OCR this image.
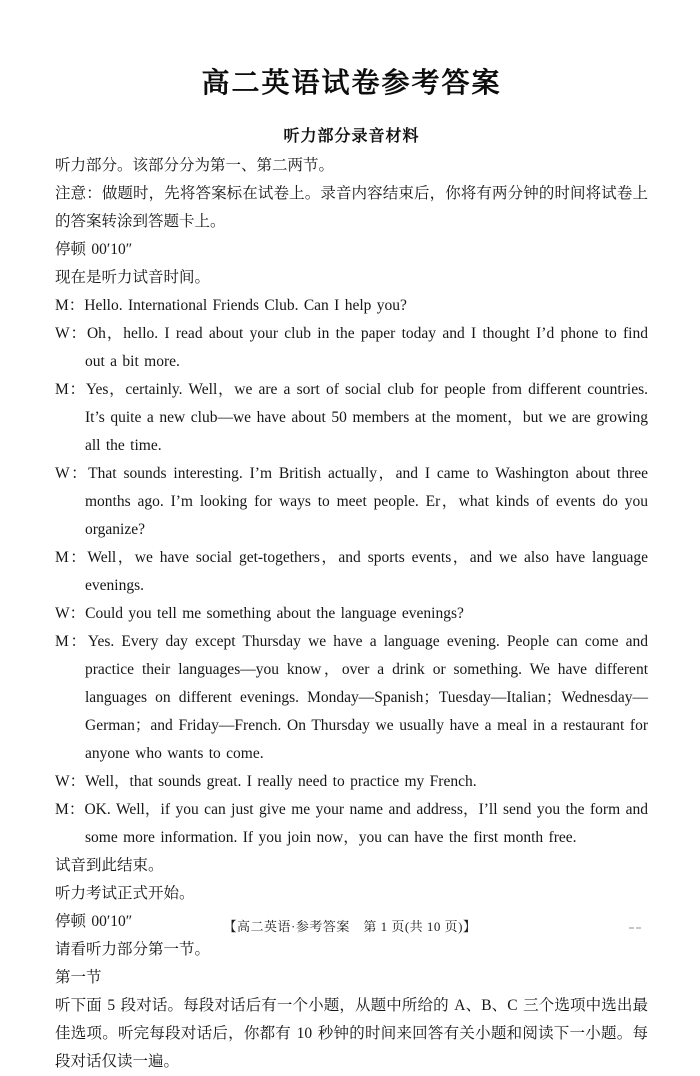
高二英语试卷参考答案
听力部分录音材料

听力部分。该部分分为第一、第二两节。

注意：做题时，先将答案标在试卷上。录音内容结束后，你将有两分钟的时间将试卷上的答案转涂到答题卡上。

停顿 00′10″

现在是听力试音时间。

M：Hello. International Friends Club. Can I help you?

W：Oh，hello. I read about your club in the paper today and I thought I’d phone to find out a bit more.

M：Yes，certainly. Well，we are a sort of social club for people from different countries. It’s quite a new club—we have about 50 members at the moment，but we are growing all the time.

W：That sounds interesting. I’m British actually，and I came to Washington about three months ago. I’m looking for ways to meet people. Er，what kinds of events do you organize?

M：Well，we have social get-togethers，and sports events，and we also have language evenings.

W：Could you tell me something about the language evenings?

M：Yes. Every day except Thursday we have a language evening. People can come and practice their languages—you know，over a drink or something. We have different languages on different evenings. Monday—Spanish；Tuesday—Italian；Wednesday—German；and Friday—French. On Thursday we usually have a meal in a restaurant for anyone who wants to come.

W：Well，that sounds great. I really need to practice my French.

M：OK. Well，if you can just give me your name and address，I’ll send you the form and some more information. If you join now，you can have the first month free.

试音到此结束。

听力考试正式开始。

停顿 00′10″

请看听力部分第一节。

第一节

听下面 5 段对话。每段对话后有一个小题，从题中所给的 A、B、C 三个选项中选出最佳选项。听完每段对话后，你都有 10 秒钟的时间来回答有关小题和阅读下一小题。每段对话仅读一遍。

【高二英语·参考答案　第 1 页(共 10 页)】
